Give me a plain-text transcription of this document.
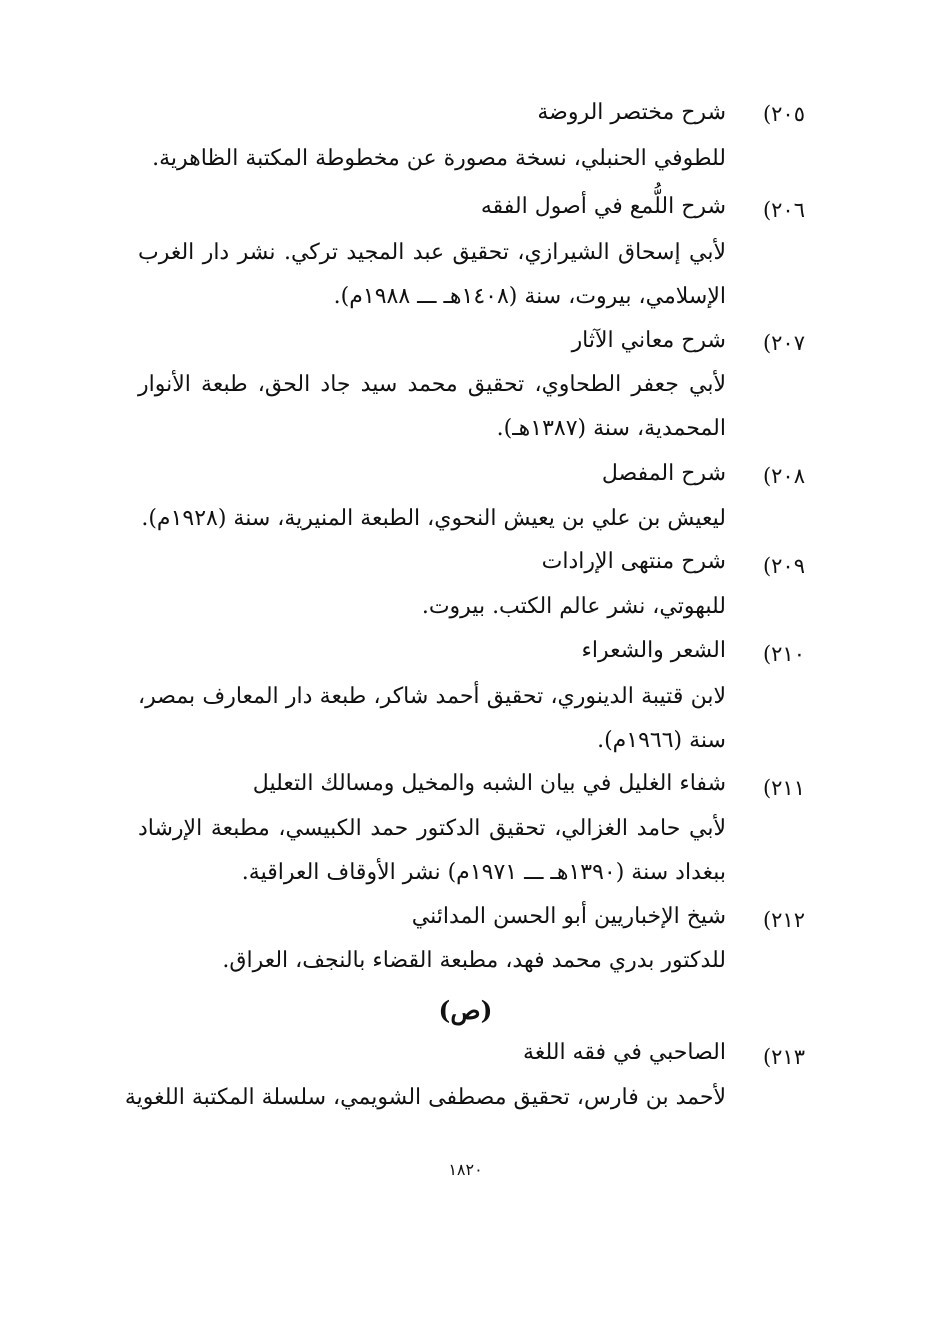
٢٠٥)
شرح مختصر الروضة
للطوفي الحنبلي، نسخة مصورة عن مخطوطة المكتبة الظاهرية.
٢٠٦)
شرح اللُّمع في أصول الفقه
لأبي إسحاق الشيرازي، تحقيق عبد المجيد تركي. نشر دار الغرب
الإسلامي، بيروت، سنة (١٤٠٨هـ ـــ ١٩٨٨م).
٢٠٧)
شرح معاني الآثار
لأبي جعفر الطحاوي، تحقيق محمد سيد جاد الحق، طبعة الأنوار
المحمدية، سنة (١٣٨٧هـ).
٢٠٨)
شرح المفصل
ليعيش بن علي بن يعيش النحوي، الطبعة المنيرية، سنة (١٩٢٨م).
٢٠٩)
شرح منتهى الإرادات
للبهوتي، نشر عالم الكتب. بيروت.
٢١٠)
الشعر والشعراء
لابن قتيبة الدينوري، تحقيق أحمد شاكر، طبعة دار المعارف بمصر،
سنة (١٩٦٦م).
٢١١)
شفاء الغليل في بيان الشبه والمخيل ومسالك التعليل
لأبي حامد الغزالي، تحقيق الدكتور حمد الكبيسي، مطبعة الإرشاد
ببغداد سنة (١٣٩٠هـ ـــ ١٩٧١م) نشر الأوقاف العراقية.
٢١٢)
شيخ الإخباريين أبو الحسن المدائني
للدكتور بدري محمد فهد، مطبعة القضاء بالنجف، العراق.
(ص)
٢١٣)
الصاحبي في فقه اللغة
لأحمد بن فارس، تحقيق مصطفى الشويمي، سلسلة المكتبة اللغوية
١٨٢٠
